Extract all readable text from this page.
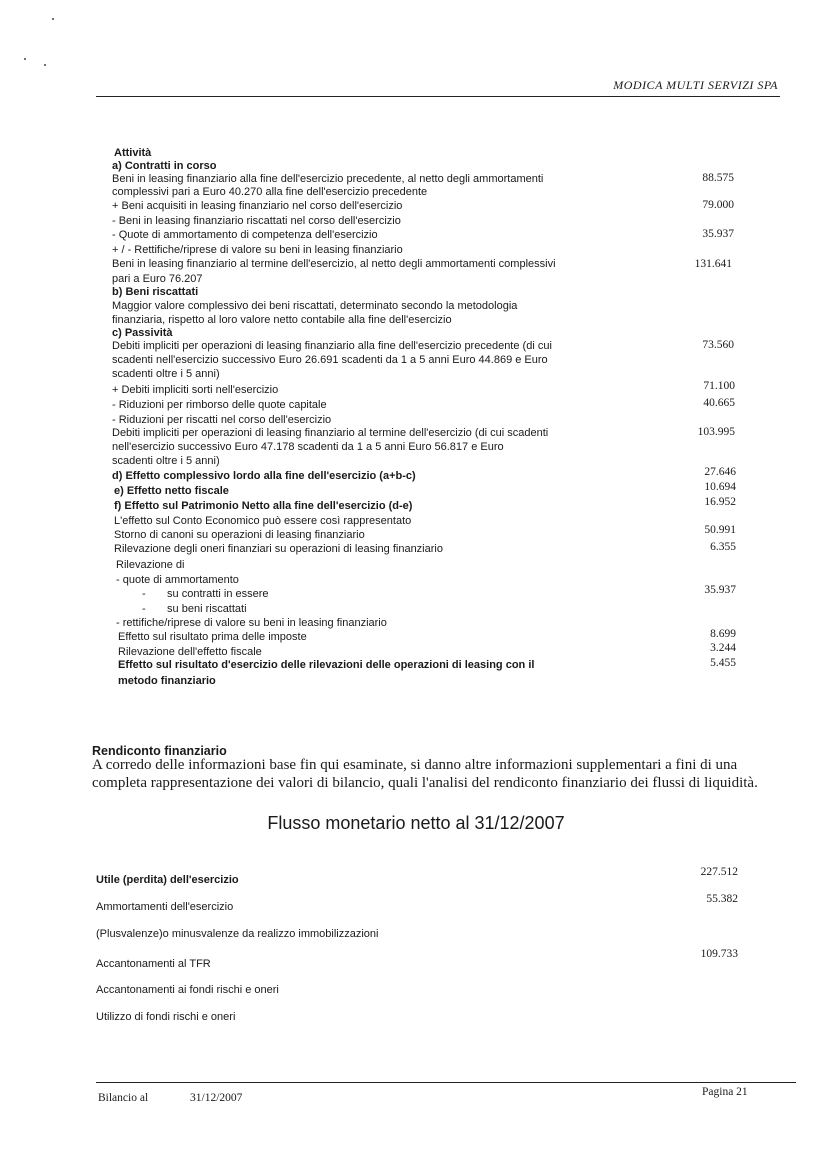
MODICA MULTI SERVIZI SPA
Attività
a) Contratti in corso
Beni in leasing finanziario alla fine dell'esercizio precedente, al netto degli ammortamenti
complessivi pari a Euro 40.270 alla fine dell'esercizio precedente
+ Beni acquisiti in leasing finanziario nel corso dell'esercizio
- Beni in leasing finanziario riscattati nel corso dell'esercizio
- Quote di ammortamento di competenza dell'esercizio
+ / - Rettifiche/riprese di valore su beni in leasing finanziario
Beni in leasing finanziario al termine dell'esercizio, al netto degli ammortamenti complessivi
pari a Euro 76.207
b) Beni riscattati
Maggior valore complessivo dei beni riscattati, determinato secondo la metodologia
finanziaria, rispetto al loro valore netto contabile alla fine dell'esercizio
c) Passività
Debiti impliciti per operazioni di leasing finanziario alla fine dell'esercizio precedente (di cui
scadenti nell'esercizio successivo Euro 26.691 scadenti da 1 a 5 anni Euro 44.869 e Euro
scadenti oltre i 5 anni)
+ Debiti impliciti sorti nell'esercizio
- Riduzioni per rimborso delle quote capitale
- Riduzioni per riscatti nel corso dell'esercizio
Debiti impliciti per operazioni di leasing finanziario al termine dell'esercizio (di cui scadenti
nell'esercizio successivo Euro 47.178 scadenti da 1 a 5 anni Euro 56.817 e Euro
scadenti oltre i 5 anni)
d) Effetto complessivo lordo alla fine dell'esercizio (a+b-c)
e) Effetto netto fiscale
f) Effetto sul Patrimonio Netto alla fine dell'esercizio (d-e)
L'effetto sul Conto Economico può essere così rappresentato
Storno di canoni su operazioni di leasing finanziario
Rilevazione degli oneri finanziari su operazioni di leasing finanziario
Rilevazione di
- quote di ammortamento
-       su contratti in essere
-       su beni riscattati
- rettifiche/riprese di valore su beni in leasing finanziario
Effetto sul risultato prima delle imposte
Rilevazione dell'effetto fiscale
Effetto sul risultato d'esercizio delle rilevazioni delle operazioni di leasing con il
metodo finanziario
88.575
79.000
35.937
131.641
73.560
71.100
40.665
103.995
27.646
10.694
16.952
50.991
6.355
35.937
8.699
3.244
5.455
Rendiconto finanziario
A corredo delle informazioni base fin qui esaminate, si danno altre informazioni supplementari a fini di una completa rappresentazione dei valori di bilancio, quali l'analisi del rendiconto finanziario dei flussi di liquidità.
Flusso monetario netto al 31/12/2007
Utile (perdita) dell'esercizio
227.512
Ammortamenti dell'esercizio
55.382
(Plusvalenze)o minusvalenze da realizzo immobilizzazioni
Accantonamenti al TFR
109.733
Accantonamenti ai fondi rischi e oneri
Utilizzo di fondi rischi e oneri
Bilancio al	31/12/2007	Pagina 21
